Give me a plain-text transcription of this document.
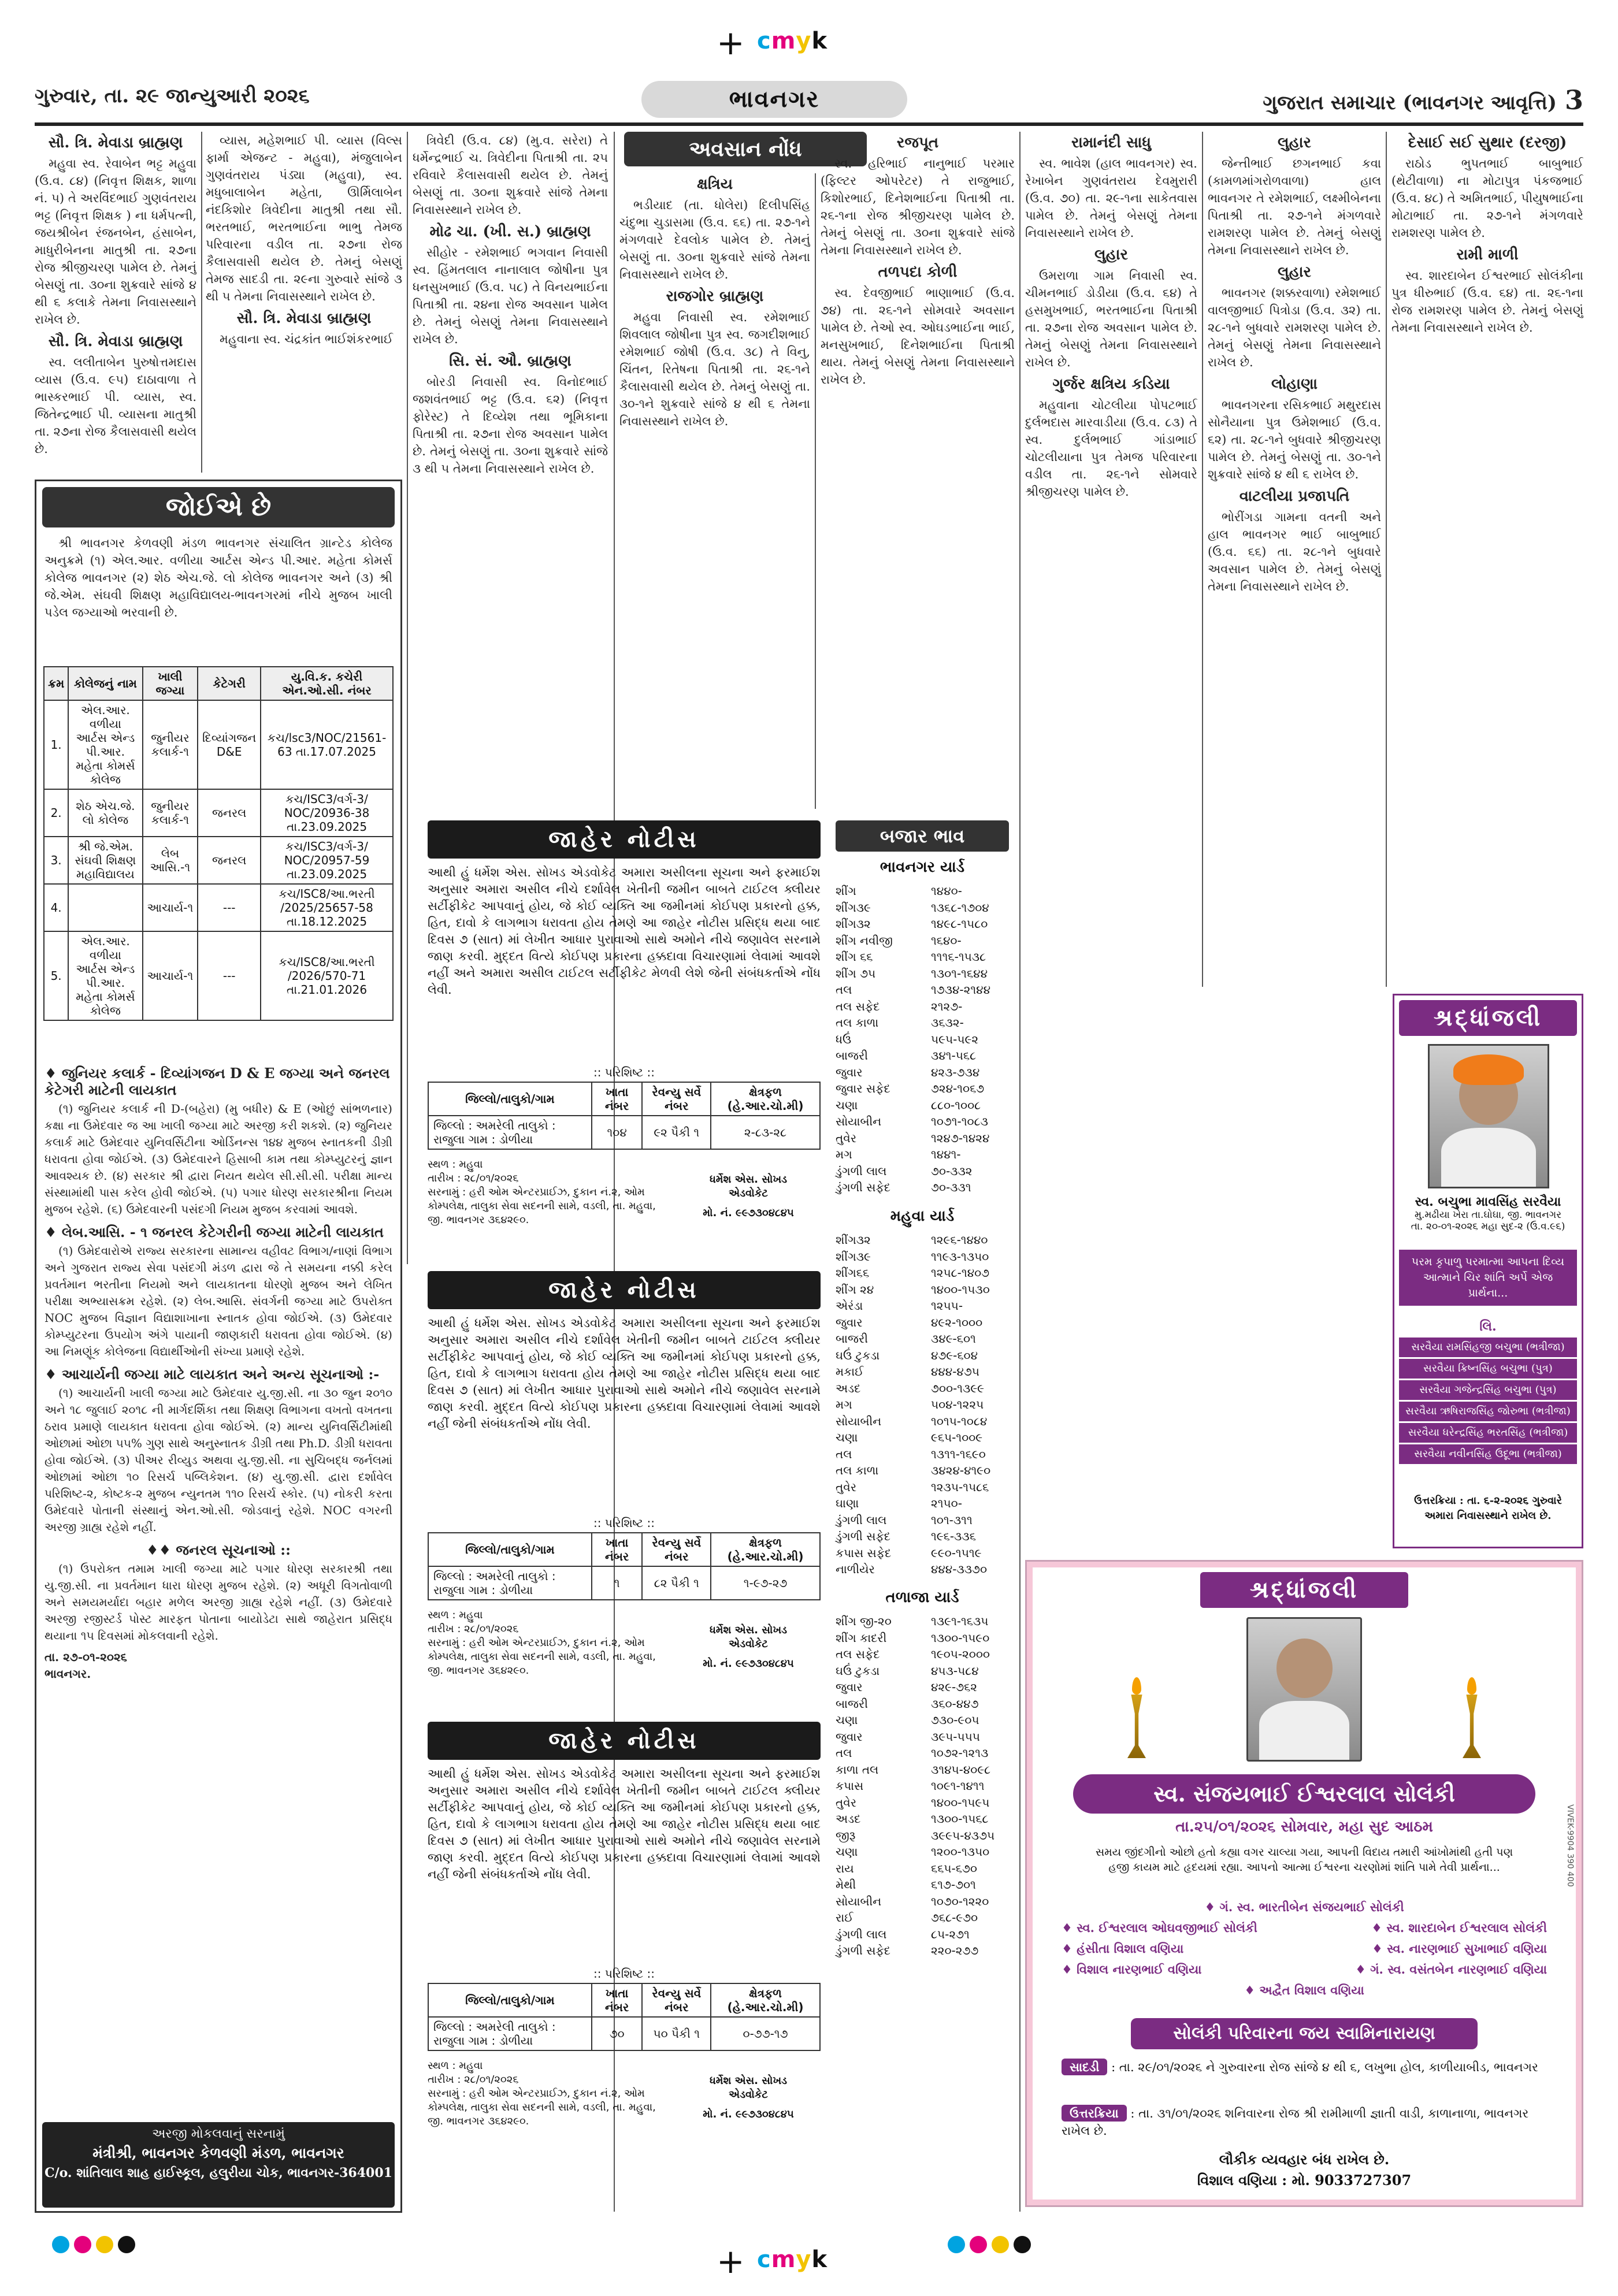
+ cmyk
ગુરુવાર, તા. ૨૯ જાન્યુઆરી ૨૦૨૬	ગુજરાત સમાચાર (ભાવનગર આવૃત્તિ) 3
ભાવનગર
સૌ. ત્રિ. મેવાડા બ્રાહ્મણ

મહુવા સ્વ. રેવાબેન ભટ્ટ મહુવા (ઉ.વ. ૮૪) (નિવૃત્ત શિક્ષક, શાળા નં. ૫) તે અરવિંદભાઈ ગુણવંતરાય ભટ્ટ (નિવૃત્ત શિક્ષક ) ના ધર્મપત્ની, જયશ્રીબેન રંજનબેન, હંસાબેન, માધુરીબેનના માતુશ્રી તા. ૨૭ના રોજ શ્રીજીચરણ પામેલ છે. તેમનું બેસણું તા. ૩૦ના શુક્રવારે સાંજે ૪ થી ૬ કલાકે તેમના નિવાસસ્થાને રાખેલ છે.

સૌ. ત્રિ. મેવાડા બ્રાહ્મણ

સ્વ. લલીતાબેન પુરુષોત્તમદાસ વ્યાસ (ઉ.વ. ૯૫) દાઠાવાળા તે ભાસ્કરભાઈ પી. વ્યાસ, સ્વ. જિતેન્દ્રભાઈ પી. વ્યાસના માતુશ્રી તા. ૨૭ના રોજ કૈલાસવાસી થયેલ છે.

વ્યાસ, મહેશભાઈ પી. વ્યાસ (વિલ્સ ફાર્મા એજન્ટ - મહુવા), મંજુલાબેન ગુણવંતરાય પંડ્યા (મહુવા), સ્વ. મધુબાલાબેન મહેતા, ઊર્મિલાબેન નંદકિશોર ત્રિવેદીના માતુશ્રી તથા સૌ. ભરતભાઈ, ભરતભાઈના ભાભુ તેમજ પરિવારના વડીલ તા. ૨૭ના રોજ કૈલાસવાસી થયેલ છે. તેમનું બેસણું તેમજ સાદડી તા. ૨૯ના ગુરુવારે સાંજે ૩ થી ૫ તેમના નિવાસસ્થાને રાખેલ છે.

સૌ. ત્રિ. મેવાડા બ્રાહ્મણ

મહુવાના સ્વ. ચંદ્રકાંત ભાઈશંકરભાઈ

ત્રિવેદી (ઉ.વ. ૮૪) (મુ.વ. સરેરા) તે ધર્મેન્દ્રભાઈ ચ. ત્રિવેદીના પિતાશ્રી તા. ૨૫ રવિવારે કૈલાસવાસી થયેલ છે. તેમનું બેસણું તા. ૩૦ના શુક્રવારે સાંજે તેમના નિવાસસ્થાને રાખેલ છે.

મોઢ ચા. (ખી. સ.) બ્રાહ્મણ

સીહોર - રમેશભાઈ ભગવાન નિવાસી સ્વ. હિંમતલાલ નાનાલાલ જોષીના પુત્ર ધનસુખભાઈ (ઉ.વ. ૫૮) તે વિનયભાઈના પિતાશ્રી તા. ૨૪ના રોજ અવસાન પામેલ છે. તેમનું બેસણું તેમના નિવાસસ્થાને રાખેલ છે.

સિ. સં. ઔ. બ્રાહ્મણ

બોરડી નિવાસી સ્વ. વિનોદભાઈ જશવંતભાઈ ભટ્ટ (ઉ.વ. ૬૨) (નિવૃત્ત ફોરેસ્ટ) તે દિવ્યેશ તથા ભૂમિકાના પિતાશ્રી તા. ૨૭ના રોજ અવસાન પામેલ છે. તેમનું બેસણું તા. ૩૦ના શુક્રવારે સાંજે ૩ થી ૫ તેમના નિવાસસ્થાને રાખેલ છે.

જોઈએ છે

શ્રી ભાવનગર કેળવણી મંડળ ભાવનગર સંચાલિત ગ્રાન્ટેડ કોલેજ અનુક્રમે (૧) એલ.આર. વળીયા આર્ટસ એન્ડ પી.આર. મહેતા કોમર્સ કોલેજ ભાવનગર (૨) શેઠ એચ.જે. લો કોલેજ ભાવનગર અને (૩) શ્રી જે.એમ. સંઘવી શિક્ષણ મહાવિદ્યાલય-ભાવનગરમાં નીચે મુજબ ખાલી પડેલ જગ્યાઓ ભરવાની છે.

ક્રમ	કોલેજનું નામ	ખાલી જગ્યા	કેટેગરી	યુ.વિ.ક. કચેરી એન.ઓ.સી. નંબર
1.	એલ.આર. વળીયા આર્ટસ એન્ડ પી.આર. મહેતા કોમર્સ કોલેજ	જુનીયર કલાર્ક-૧	દિવ્યાંગજન D&E	કચ/lsc3/NOC/21561-63 તા.17.07.2025
2.	શેઠ એચ.જે. લો કોલેજ	જુનીયર કલાર્ક-૧	જનરલ	કચ/ISC3/વર્ગ-3/ NOC/20936-38 તા.23.09.2025
3.	શ્રી જે.એમ. સંઘવી શિક્ષણ મહાવિદ્યાલય	લેબ આસિ.-૧	જનરલ	કચ/ISC3/વર્ગ-3/ NOC/20957-59 તા.23.09.2025
4.		આચાર્ય-૧	---	કચ/ISC8/આ.ભરતી /2025/25657-58 તા.18.12.2025
5.	એલ.આર. વળીયા આર્ટસ એન્ડ પી.આર. મહેતા કોમર્સ કોલેજ	આચાર્ય-૧	---	કચ/ISC8/આ.ભરતી /2026/570-71 તા.21.01.2026
♦ જુનિયર કલાર્ક - દિવ્યાંગજન D & E જગ્યા અને જનરલ કેટેગરી માટેની લાયકાત

(૧) જુનિયર કલાર્ક ની D-(બહેરા) (મુ બધીર) & E (ઓછું સાંભળનાર) કક્ષા ના ઉમેદવાર જ આ ખાલી જગ્યા માટે અરજી કરી શકશે. (૨) જુનિયર કલાર્ક માટે ઉમેદવાર યુનિવર્સિટીના ઓર્ડિનન્સ ૧૪૪ મુજબ સ્નાતકની ડીગ્રી ધરાવતા હોવા જોઈએ. (૩) ઉમેદવારને હિસાબી કામ તથા કોમ્પ્યુટરનું જ્ઞાન આવશ્યક છે. (૪) સરકાર શ્રી દ્વારા નિયત થયેલ સી.સી.સી. પરીક્ષા માન્ય સંસ્થામાંથી પાસ કરેલ હોવી જોઈએ. (૫) પગાર ધોરણ સરકારશ્રીના નિયમ મુજબ રહેશે. (૬) ઉમેદવારની પસંદગી નિયમ મુજબ કરવામાં આવશે.

♦ લેબ.આસિ. - ૧ જનરલ કેટેગરીની જગ્યા માટેની લાયકાત

(૧) ઉમેદવારોએ રાજ્ય સરકારના સામાન્ય વહીવટ વિભાગ/નાણાં વિભાગ અને ગુજરાત રાજ્ય સેવા પસંદગી મંડળ દ્વારા જે તે સમયના નક્કી કરેલ પ્રવર્તમાન ભરતીના નિયમો અને લાયકાતના ધોરણો મુજબ અને લેખિત પરીક્ષા અભ્યાસક્રમ રહેશે. (૨) લેબ.આસિ. સંવર્ગની જગ્યા માટે ઉપરોક્ત NOC મુજબ વિજ્ઞાન વિદ્યાશાખાના સ્નાતક હોવા જોઈએ. (૩) ઉમેદવાર કોમ્પ્યુટરના ઉપયોગ અંગે પાયાની જાણકારી ધરાવતા હોવા જોઈએ. (૪) આ નિમણૂંક કોલેજના વિદ્યાર્થીઓની સંખ્યા પ્રમાણે રહેશે.

♦ આચાર્યની જગ્યા માટે લાયકાત અને અન્ય સૂચનાઓ :-

(૧) આચાર્યની ખાલી જગ્યા માટે ઉમેદવાર યુ.જી.સી. ના ૩૦ જુન ૨૦૧૦ અને ૧૮ જુલાઈ ૨૦૧૮ ની માર્ગદર્શિકા તથા શિક્ષણ વિભાગના વખતો વખતના ઠરાવ પ્રમાણે લાયકાત ધરાવતા હોવા જોઈએ. (૨) માન્ય યુનિવર્સિટીમાંથી ઓછામાં ઓછા ૫૫% ગુણ સાથે અનુસ્નાતક ડીગ્રી તથા Ph.D. ડીગ્રી ધરાવતા હોવા જોઈએ. (૩) પીઅર રીવ્યુડ અથવા યુ.જી.સી. ના સુચિબદ્ધ જર્નલમાં ઓછામાં ઓછા ૧૦ રિસર્ચ પબ્લિકેશન. (૪) યુ.જી.સી. દ્વારા દર્શાવેલ પરિશિષ્ટ-૨, કોષ્ટક-૨ મુજબ ન્યુનતમ ૧૧૦ રિસર્ચ સ્કોર. (૫) નોકરી કરતા ઉમેદવારે પોતાની સંસ્થાનું એન.ઓ.સી. જોડવાનું રહેશે. NOC વગરની અરજી ગ્રાહ્ય રહેશે નહીં.

♦♦ જનરલ સૂચનાઓ ::

(૧) ઉપરોક્ત તમામ ખાલી જગ્યા માટે પગાર ધોરણ સરકારશ્રી તથા યુ.જી.સી. ના પ્રવર્તમાન ધારા ધોરણ મુજબ રહેશે. (૨) અધૂરી વિગતોવાળી અને સમયમર્યાદા બહાર મળેલ અરજી ગ્રાહ્ય રહેશે નહીં. (૩) ઉમેદવારે અરજી રજીસ્ટર્ડ પોસ્ટ મારફત પોતાના બાયોડેટા સાથે જાહેરાત પ્રસિદ્ધ થયાના ૧૫ દિવસમાં મોકલવાની રહેશે.

તા. ૨૭-૦૧-૨૦૨૬
ભાવનગર.
અરજી મોકલવાનું સરનામું
મંત્રીશ્રી, ભાવનગર કેળવણી મંડળ, ભાવનગર
C/o. શાંતિલાલ શાહ હાઈસ્કૂલ, હલુરીયા ચોક, ભાવનગર-364001
અવસાન નોંધ
ક્ષત્રિય

ભડીયાદ (તા. ધોલેરા) દિલીપસિંહ ચંદુભા ચુડાસમા (ઉ.વ. ૬૬) તા. ૨૭-૧ને મંગળવારે દેવલોક પામેલ છે. તેમનું બેસણું તા. ૩૦ના શુક્રવારે સાંજે તેમના નિવાસસ્થાને રાખેલ છે.

રાજગોર બ્રાહ્મણ

મહુવા નિવાસી સ્વ. રમેશભાઈ શિવલાલ જોષીના પુત્ર સ્વ. જગદીશભાઈ રમેશભાઈ જોષી (ઉ.વ. ૩૮) તે વિનુ, ચિંતન, રિતેષના પિતાશ્રી તા. ૨૬-૧ને કૈલાસવાસી થયેલ છે. તેમનું બેસણું તા. ૩૦-૧ને શુક્રવારે સાંજે ૪ થી ૬ તેમના નિવાસસ્થાને રાખેલ છે.

રજપૂત

સ્વ. હરિભાઈ નાનુભાઈ પરમાર (ફિલ્ટર ઓપરેટર) તે રાજુભાઈ, કિશોરભાઈ, દિનેશભાઈના પિતાશ્રી તા. ૨૬-૧ના રોજ શ્રીજીચરણ પામેલ છે. તેમનું બેસણું તા. ૩૦ના શુક્રવારે સાંજે તેમના નિવાસસ્થાને રાખેલ છે.

તળપદા કોળી

સ્વ. દેવજીભાઈ ભાણાભાઈ (ઉ.વ. ૭૪) તા. ૨૬-૧ને સોમવારે અવસાન પામેલ છે. તેઓ સ્વ. ઓઘડભાઈના ભાઈ, મનસુખભાઈ, દિનેશભાઈના પિતાશ્રી થાય. તેમનું બેસણું તેમના નિવાસસ્થાને રાખેલ છે.

રામાનંદી સાધુ

સ્વ. ભાવેશ (હાલ ભાવનગર) સ્વ. રેખાબેન ગુણવંતરાય દેવમુરારી (ઉ.વ. ૭૦) તા. ૨૯-૧ના સાકેતવાસ પામેલ છે. તેમનું બેસણું તેમના નિવાસસ્થાને રાખેલ છે.

લુહાર

ઉમરાળા ગામ નિવાસી સ્વ. ચીમનભાઈ ડોડીયા (ઉ.વ. ૬૪) તે હસમુખભાઈ, ભરતભાઈના પિતાશ્રી તા. ૨૭ના રોજ અવસાન પામેલ છે. તેમનું બેસણું તેમના નિવાસસ્થાને રાખેલ છે.

ગુર્જર ક્ષત્રિય કડિયા

મહુવાના ચોટલીયા પોપટભાઈ દુર્લભદાસ મારવાડીયા (ઉ.વ. ૮૩) તે સ્વ. દુર્લભભાઈ ગાંડાભાઈ ચોટલીયાના પુત્ર તેમજ પરિવારના વડીલ તા. ૨૬-૧ને સોમવારે શ્રીજીચરણ પામેલ છે.

લુહાર

જેન્તીભાઈ છગનભાઈ કવા (કામળમાંગરોળવાળા) હાલ ભાવનગર તે રમેશભાઈ, લક્ષ્મીબેનના પિતાશ્રી તા. ૨૭-૧ને મંગળવારે રામશરણ પામેલ છે. તેમનું બેસણું તેમના નિવાસસ્થાને રાખેલ છે.

લુહાર

ભાવનગર (શક્કરવાળા) રમેશભાઈ વાલજીભાઈ પિત્રોડા (ઉ.વ. ૩૨) તા. ૨૮-૧ને બુધવારે રામશરણ પામેલ છે. તેમનું બેસણું તેમના નિવાસસ્થાને રાખેલ છે.

લોહાણા

ભાવનગરના રસિકભાઈ મથુરદાસ સોનૈયાના પુત્ર ઉમેશભાઈ (ઉ.વ. ૬૨) તા. ૨૮-૧ને બુધવારે શ્રીજીચરણ પામેલ છે. તેમનું બેસણું તા. ૩૦-૧ને શુક્રવારે સાંજે ૪ થી ૬ રાખેલ છે.

વાટલીયા પ્રજાપતિ

ભોરીંગડા ગામના વતની અને હાલ ભાવનગર ભાઈ બાબુભાઈ (ઉ.વ. ૬૬) તા. ૨૮-૧ને બુધવારે અવસાન પામેલ છે. તેમનું બેસણું તેમના નિવાસસ્થાને રાખેલ છે.

દેસાઈ સઈ સુથાર (દરજી)

રાઠોડ ભુપતભાઈ બાબુભાઈ (થેટીવાળા) ના મોટાપુત્ર પંકજભાઈ (ઉ.વ. ૪૮) તે અમિતભાઈ, પીયુષભાઈના મોટાભાઈ તા. ૨૭-૧ને મંગળવારે રામશરણ પામેલ છે.

રામી માળી

સ્વ. શારદાબેન ઈશ્વરભાઈ સોલંકીના પુત્ર ધીરુભાઈ (ઉ.વ. ૬૪) તા. ૨૬-૧ના રોજ રામશરણ પામેલ છે. તેમનું બેસણું તેમના નિવાસસ્થાને રાખેલ છે.

જાહેર નોટીસ
આથી હું ધર્મેશ એસ. સોખડ એડવોકેટ અમારા અસીલના સૂચના અને ફરમાઈશ અનુસાર અમારા અસીલ નીચે દર્શાવેલ ખેતીની જમીન બાબતે ટાઈટલ ક્લીયર સર્ટીફીકેટ આપવાનું હોય, જે કોઈ વ્યક્તિ આ જમીનમાં કોઈપણ પ્રકારનો હક્ક, હિત, દાવો કે લાગભાગ ધરાવતા હોય તેમણે આ જાહેર નોટીસ પ્રસિદ્ધ થયા બાદ દિવસ ૭ (સાત) માં લેખીત આધાર પુરાવાઓ સાથે અમોને નીચે જણાવેલ સરનામે જાણ કરવી. મુદ્દત વિત્યે કોઈપણ પ્રકારના હક્કદાવા વિચારણામાં લેવામાં આવશે નહીં અને અમારા અસીલ ટાઈટલ સર્ટીફીકેટ મેળવી લેશે જેની સંબંધકર્તાએ નોંધ લેવી.
:: પરિશિષ્ટ ::
જિલ્લો/તાલુકો/ગામ	ખાતા નંબર	રેવન્યુ સર્વે નંબર	ક્ષેત્રફળ (હે.આર.ચો.મી)
જિલ્લો : અમરેલી તાલુકો : રાજુલા ગામ : ડોળીયા	૧૦૪	૯૨ પૈકી ૧	૨-૮૩-૨૮
સ્થળ : મહુવા
તારીખ : ૨૮/૦૧/૨૦૨૬
સરનામું : હરી ઓમ એન્ટરપ્રાઈઝ, દુકાન નં.૨, ઓમ કોમ્પલેક્ષ, તાલુકા સેવા સદનની સામે, વડલી, તા. મહુવા, જી. ભાવનગર ૩૬૪૨૯૦.
ધર્મેશ એસ. સોખડ
એડવોકેટ
મો. નં. ૯૯૭૩૦૪૮૪૫
જાહેર નોટીસ
આથી હું ધર્મેશ એસ. સોખડ એડવોકેટ અમારા અસીલના સૂચના અને ફરમાઈશ અનુસાર અમારા અસીલ નીચે દર્શાવેલ ખેતીની જમીન બાબતે ટાઈટલ ક્લીયર સર્ટીફીકેટ આપવાનું હોય, જે કોઈ વ્યક્તિ આ જમીનમાં કોઈપણ પ્રકારનો હક્ક, હિત, દાવો કે લાગભાગ ધરાવતા હોય તેમણે આ જાહેર નોટીસ પ્રસિદ્ધ થયા બાદ દિવસ ૭ (સાત) માં લેખીત આધાર પુરાવાઓ સાથે અમોને નીચે જણાવેલ સરનામે જાણ કરવી. મુદ્દત વિત્યે કોઈપણ પ્રકારના હક્કદાવા વિચારણામાં લેવામાં આવશે નહીં જેની સંબંધકર્તાએ નોંધ લેવી.
:: પરિશિષ્ટ ::
જિલ્લો/તાલુકો/ગામ	ખાતા નંબર	રેવન્યુ સર્વે નંબર	ક્ષેત્રફળ (હે.આર.ચો.મી)
જિલ્લો : અમરેલી તાલુકો : રાજુલા ગામ : ડોળીયા	૧	૮૨ પૈકી ૧	૧-૯૭-૨૭
સ્થળ : મહુવા
તારીખ : ૨૮/૦૧/૨૦૨૬
સરનામું : હરી ઓમ એન્ટરપ્રાઈઝ, દુકાન નં.૨, ઓમ કોમ્પલેક્ષ, તાલુકા સેવા સદનની સામે, વડલી, તા. મહુવા, જી. ભાવનગર ૩૬૪૨૯૦.
ધર્મેશ એસ. સોખડ
એડવોકેટ
મો. નં. ૯૯૭૩૦૪૮૪૫
જાહેર નોટીસ
આથી હું ધર્મેશ એસ. સોખડ એડવોકેટ અમારા અસીલના સૂચના અને ફરમાઈશ અનુસાર અમારા અસીલ નીચે દર્શાવેલ ખેતીની જમીન બાબતે ટાઈટલ ક્લીયર સર્ટીફીકેટ આપવાનું હોય, જે કોઈ વ્યક્તિ આ જમીનમાં કોઈપણ પ્રકારનો હક્ક, હિત, દાવો કે લાગભાગ ધરાવતા હોય તેમણે આ જાહેર નોટીસ પ્રસિદ્ધ થયા બાદ દિવસ ૭ (સાત) માં લેખીત આધાર પુરાવાઓ સાથે અમોને નીચે જણાવેલ સરનામે જાણ કરવી. મુદ્દત વિત્યે કોઈપણ પ્રકારના હક્કદાવા વિચારણામાં લેવામાં આવશે નહીં જેની સંબંધકર્તાએ નોંધ લેવી.
:: પરિશિષ્ટ ::
જિલ્લો/તાલુકો/ગામ	ખાતા નંબર	રેવન્યુ સર્વે નંબર	ક્ષેત્રફળ (હે.આર.ચો.મી)
જિલ્લો : અમરેલી તાલુકો : રાજુલા ગામ : ડોળીયા	૭૦	૫૦ પૈકી ૧	૦-૭૭-૧૭
સ્થળ : મહુવા
તારીખ : ૨૮/૦૧/૨૦૨૬
સરનામું : હરી ઓમ એન્ટરપ્રાઈઝ, દુકાન નં.૨, ઓમ કોમ્પલેક્ષ, તાલુકા સેવા સદનની સામે, વડલી, તા. મહુવા, જી. ભાવનગર ૩૬૪૨૯૦.
ધર્મેશ એસ. સોખડ
એડવોકેટ
મો. નં. ૯૯૭૩૦૪૮૪૫
બજાર ભાવ
ભાવનગર યાર્ડ
શીંગ	૧૪૪૦-
શીંગ૩૯	૧૩૬૮-૧૭૦૪
શીંગ૩૨	૧૪૯૮-૧૫૮૦
શીંગ નવીજી	૧૬૪૦-
શીંગ ૬૬	૧૧૧૬-૧૫૩૮
શીંગ ૭૫	૧૩૦૧-૧૬૪૪
તલ	૧૭૩૪-૨૧૪૪
તલ સફેદ	૨૧૨૭-
તલ કાળા	૩૬૩૨-
ધઉં	૫૯૫-૫૯૨
બાજરી	૩૪૧-૫૬૮
જુવાર	૪૨૩-૭૩૪
જુવાર સફેદ	૭૨૪-૧૦૬૭
ચણા	૮૮૦-૧૦૦૮
સોયાબીન	૧૦૭૧-૧૦૮૩
તુવેર	૧૨૪૭-૧૪૨૪
મગ	૧૪૪૧-
ડુંગળી લાલ	૭૦-૩૩૨
ડુંગળી સફેદ	૭૦-૩૩૧
મહુવા યાર્ડ
શીંગ૩૨	૧૨૯૬-૧૪૪૦
શીંગ૩૯	૧૧૯૩-૧૩૫૦
શીંગ૬૬	૧૨૫૮-૧૪૦૭
શીંગ ૨૪	૧૪૦૦-૧૫૩૦
એરંડા	૧૨૫૫-
જુવાર	૪૯૨-૧૦૦૦
બાજરી	૩૪૯-૬૦૧
ઘઉં ટુકડા	૪૭૯-૬૦૪
મકાઈ	૪૪૪-૪૭૫
અડદ	૭૦૦-૧૩૯૯
મગ	૫૦૪-૧૨૨૫
સોયાબીન	૧૦૧૫-૧૦૮૪
ચણા	૯૬૫-૧૦૦૯
તલ	૧૩૧૧-૧૬૯૦
તલ કાળા	૩૪૨૪-૪૧૯૦
તુવેર	૧૨૩૫-૧૫૮૬
ઘાણા	૨૧૫૦-
ડુંગળી લાલ	૧૦૧-૩૧૧
ડુંગળી સફેદ	૧૯૬-૩૩૬
કપાસ સફેદ	૯૯૦-૧૫૧૯
નાળીયેર	૪૪૪-૩૩૭૦
તળાજા યાર્ડ
શીંગ જી-૨૦	૧૩૯૧-૧૬૩૫
શીંગ કાદરી	૧૩૦૦-૧૫૯૦
તલ સફેદ	૧૯૦૫-૨૦૦૦
ઘઉં ટુકડા	૪૫૩-૫૮૪
જુવાર	૪૨૯-૭૬૨
બાજરી	૩૬૦-૪૪૭
ચણા	૭૩૦-૯૦૫
જુવાર	૩૯૫-૫૫૫
તલ	૧૦૭૨-૧૨૧૩
કાળા તલ	૩૧૪૫-૪૦૯૮
કપાસ	૧૦૯૧-૧૪૧૧
તુવેર	૧૪૦૦-૧૫૯૫
અડદ	૧૩૦૦-૧૫૬૮
જીરૂ	૩૯૯૫-૪૩૭૫
ચણા	૧૨૦૦-૧૩૫૦
રાય	૬૬૫-૬૭૦
મેથી	૬૧૭-૭૦૧
સોયાબીન	૧૦૭૦-૧૨૨૦
રાઈ	૭૬૮-૯૭૦
ડુંગળી લાલ	૮૫-૨૭૧
ડુંગળી સફેદ	૨૨૦-૨૭૭
શ્રદ્ધાંજલી
સ્વ. બચુભા માવસિંહ સરવૈયા
મુ.મઢીયા ખેરા તા.ઘોઘા, જી. ભાવનગર
તા. ૨૦-૦૧-૨૦૨૬ મહા સુદ-૨ (ઉ.વ.૯૬)
પરમ કૃપાળુ પરમાત્મા આપના દિવ્ય આત્માને ચિર શાંતિ અર્પે એજ પ્રાર્થના...
લિ.
સરવૈયા રામસિંહજી બચુભા (ભત્રીજા)
સરવૈયા ક્રિષ્નસિંહ બચુભા (પુત્ર)
સરવૈયા ગજેન્દ્રસિંહ બચુભા (પુત્ર)
સરવૈયા ઋષિરાજસિંહ જોરુભા (ભત્રીજા)
સરવૈયા ધરેન્દ્રસિંહ ભરતસિંહ (ભત્રીજા)
સરવૈયા નવીનસિંહ ઉદૂભા (ભત્રીજા)
ઉત્તરક્રિયા : તા. ૬-૨-૨૦૨૬ ગુરુવારે અમારા નિવાસસ્થાને રાખેલ છે.
શ્રદ્ધાંજલી
સ્વ. સંજયભાઈ ઈશ્વરલાલ સોલંકી
તા.૨૫/૦૧/૨૦૨૬ સોમવાર, મહા સુદ આઠમ
સમય જીંદગીનો ઓછો હતો કહ્યા વગર ચાલ્યા ગયા, આપની વિદાય તમારી આંખોમાંથી હતી પણ હજી કાયમ માટે હૃદયમાં રહ્યા. આપનો આત્મા ઈશ્વરના ચરણોમાં શાંતિ પામે તેવી પ્રાર્થના...
♦ ગં. સ્વ. ભારતીબેન સંજયભાઈ સોલંકી
♦ સ્વ. ઈશ્વરલાલ ઓઘવજીભાઈ સોલંકી	♦ સ્વ. શારદાબેન ઈશ્વરલાલ સોલંકી
♦ હંસીતા વિશાલ વણિયા	♦ સ્વ. નારણભાઈ સુખાભાઈ વણિયા
♦ વિશાલ નારણભાઈ વણિયા	♦ ગં. સ્વ. વસંતબેન નારણભાઈ વણિયા
♦ અદ્વૈત વિશાલ વણિયા
સોલંકી પરિવારના જય સ્વામિનારાયણ
સાદડી : તા. ૨૯/૦૧/૨૦૨૬ ને ગુરુવારના રોજ સાંજે ૪ થી ૬, લખુભા હોલ, કાળીયાબીડ, ભાવનગર
ઉત્તરક્રિયા : તા. ૩૧/૦૧/૨૦૨૬ શનિવારના રોજ શ્રી રામીમાળી જ્ઞાતી વાડી, કાળાનાળા, ભાવનગર રાખેલ છે.
લૌકીક વ્યવહાર બંધ રાખેલ છે.
વિશાલ વણિયા : મો. 9033727307
VIVEK-9904 390 400
+ cmyk
